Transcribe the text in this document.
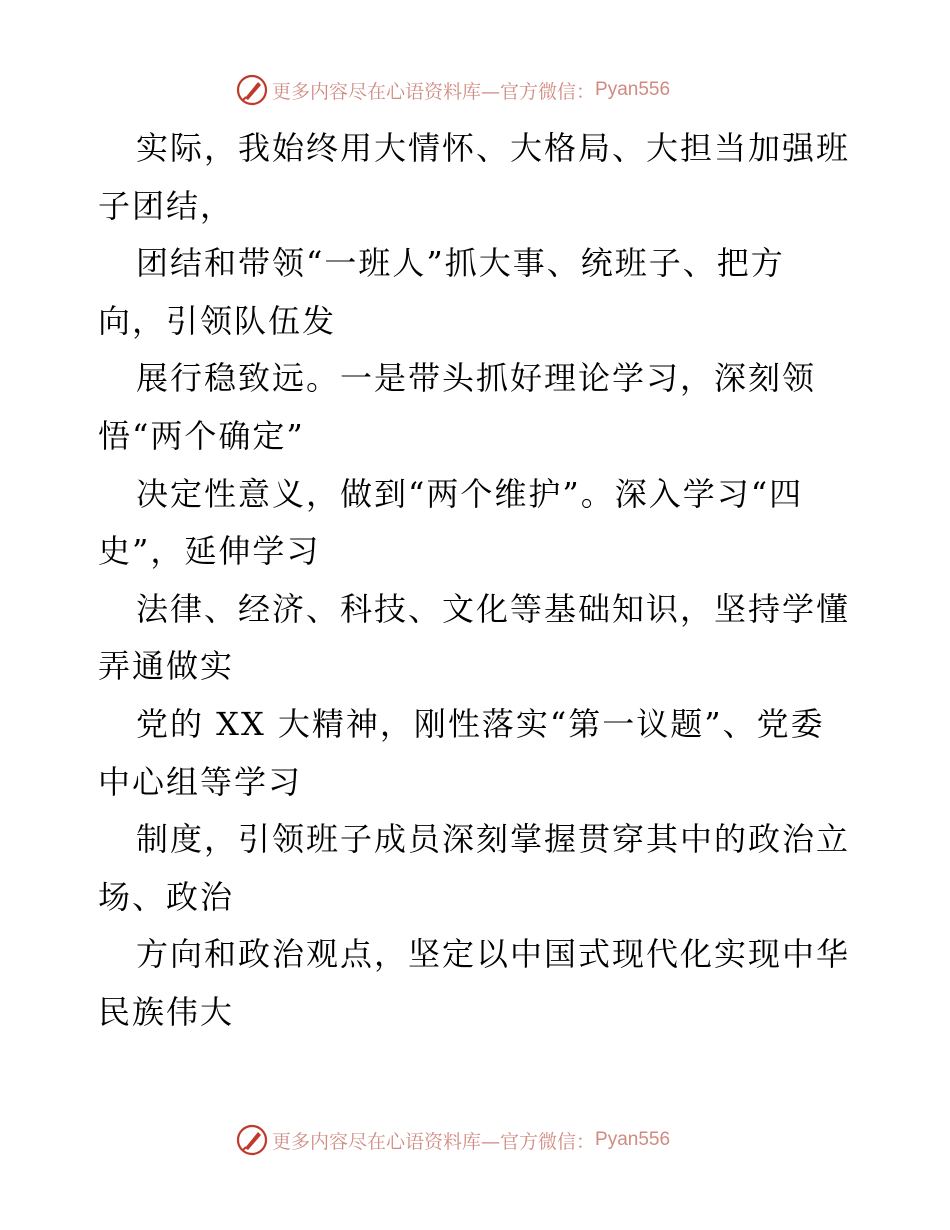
更多内容尽在心语资料库—官方微信： Pyan556
实际，我始终用大情怀、大格局、大担当加强班
子团结，
团结和带领“一班人”抓大事、统班子、把方
向，引领队伍发
展行稳致远。一是带头抓好理论学习，深刻领
悟“两个确定”
决定性意义，做到“两个维护”。深入学习“四
史”，延伸学习
法律、经济、科技、文化等基础知识，坚持学懂
弄通做实
党的 XX 大精神，刚性落实“第一议题”、党委
中心组等学习
制度，引领班子成员深刻掌握贯穿其中的政治立
场、政治
方向和政治观点，坚定以中国式现代化实现中华
民族伟大
更多内容尽在心语资料库—官方微信： Pyan556
